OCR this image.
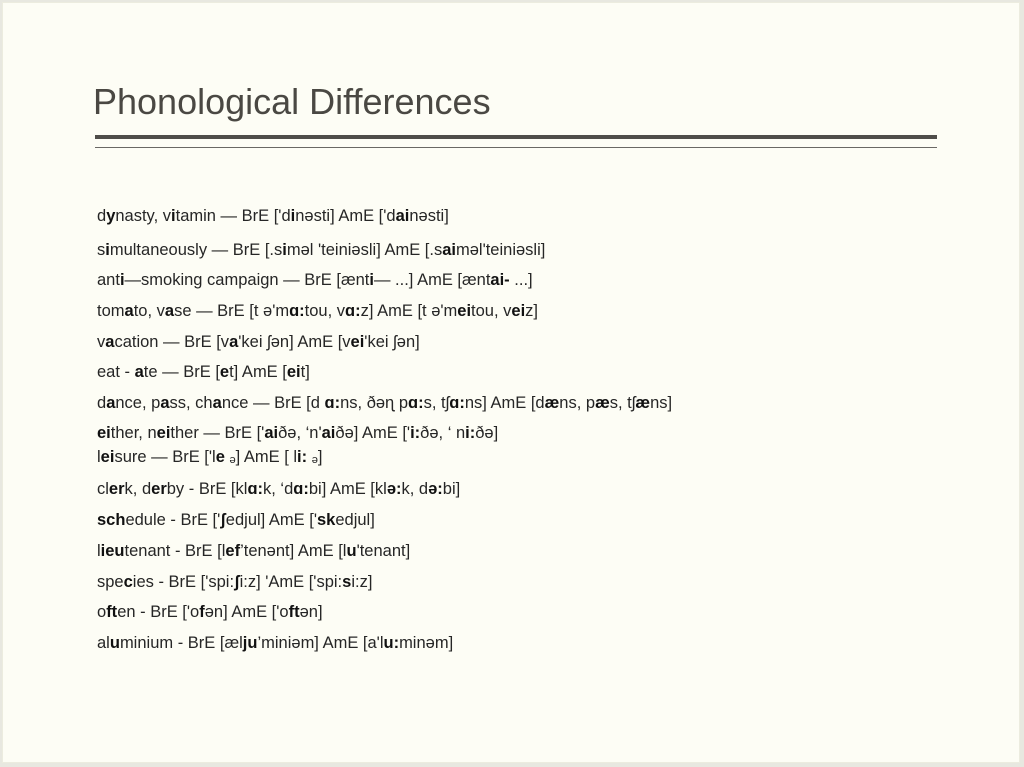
Phonological Differences
dynasty, vitamin — BrE ['dinəsti] AmE ['dainəsti]
simultaneously — BrE [.siməl 'teiniəsli] AmE [.saiməl'teiniəsli]
anti—smoking campaign — BrE [ænti— ...] AmE [æntai- ...]
tomato, vase — BrE [t ə'mɑ:tou, vɑ:z] AmE [t ə'meitou, veiz]
vacation — BrE [va'kei ʃən] AmE [vei'kei ʃən]
eat - ate — BrE [et] AmE [eit]
dance, pass, chance — BrE [d ɑ:ns, ðəɳ pɑ:s, tʃɑ:ns] AmE [dæns, pæs, tʃæns]
either, neither — BrE ['aiðə, ‘n'aiðə] AmE ['i:ðə, ‘ ni:ðə]
leisure — BrE ['le ₔ] AmE [ li: ₔ]
clerk, derby - BrE [klɑ:k, ‘dɑ:bi] AmE [klə:k, də:bi]
schedule - BrE ['ʃedjul] AmE ['skedjul]
lieutenant - BrE [lef’tenənt] AmE [lu'tenant]
species - BrE ['spi:ʃi:z] 'AmE ['spi:si:z]
often - BrE ['ofən] AmE ['oftən]
aluminium - BrE [ælju’miniəm] AmE [a'lu:minəm]
